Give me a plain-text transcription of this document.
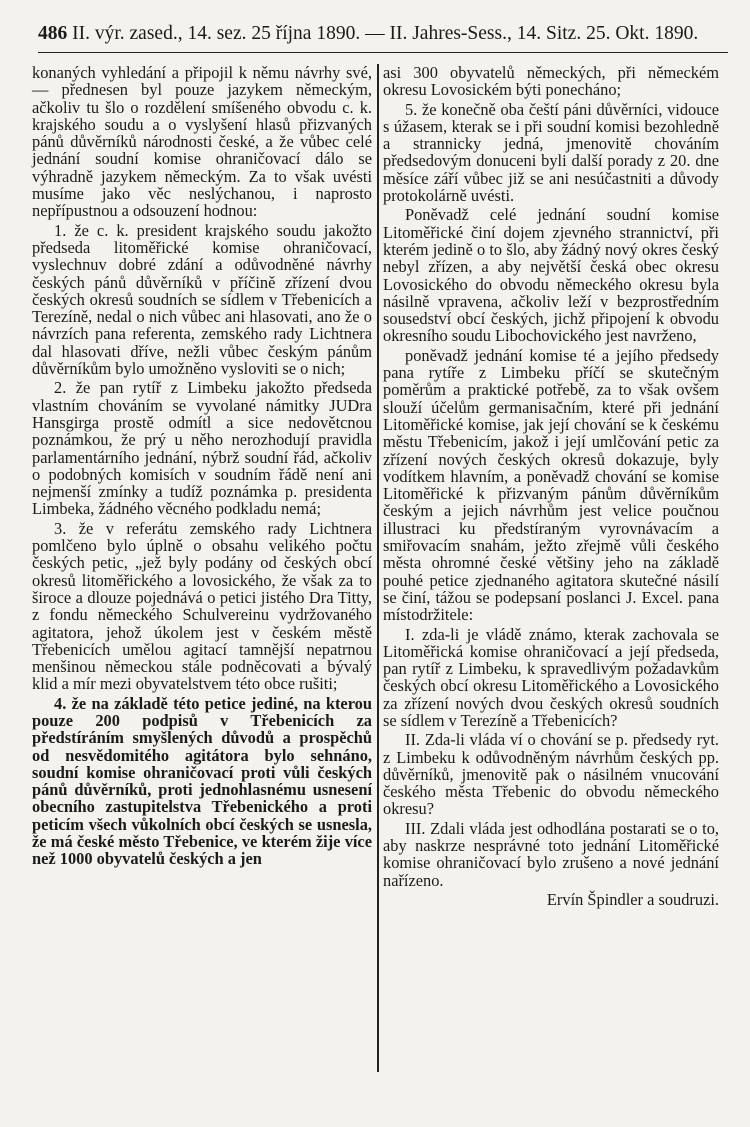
486 II. výr. zased., 14. sez. 25 října 1890. — II. Jahres-Sess., 14. Sitz. 25. Okt. 1890.

konaných vyhledání a připojil k němu návrhy své, — přednesen byl pouze jazykem německým, ačkoliv tu šlo o rozdělení smíšeného obvodu c. k. krajského soudu a o vyslyšení hlasů přizvaných pánů důvěrníků národnosti české, a že vůbec celé jednání soudní komise ohraničovací dálo se výhradně jazykem německým. Za to však uvésti musíme jako věc neslýchanou, i naprosto nepřípustnou a odsouzení hodnou:

1. že c. k. president krajského soudu jakožto předseda litoměřické komise ohraničovací, vyslechnuv dobré zdání a odůvodněné návrhy českých pánů důvěrníků v příčině zřízení dvou českých okresů soudních se sídlem v Třebenicích a Terezíně, nedal o nich vůbec ani hlasovati, ano že o návrzích pana referenta, zemského rady Lichtnera dal hlasovati dříve, nežli vůbec českým pánům důvěrníkům bylo umožněno vysloviti se o nich;

2. že pan rytíř z Limbeku jakožto předseda vlastním chováním se vyvolané námitky JUDra Hansgirga prostě odmítl a sice nedovětcnou poznámkou, že prý u něho nerozhodují pravidla parlamentárního jednání, nýbrž soudní řád, ačkoliv o podobných komisích v soudním řádě není ani nejmenší zmínky a tudíž poznámka p. presidenta Limbeka, žádného věcného podkladu nemá;

3. že v referátu zemského rady Lichtnera pomlčeno bylo úplně o obsahu velikého počtu českých petic, „jež byly podány od českých obcí okresů litoměřického a lovosického, že však za to široce a dlouze pojednává o petici jistého Dra Titty, z fondu německého Schulvereinu vydržovaného agitatora, jehož úkolem jest v českém městě Třebenicích umělou agitací tamnější nepatrnou menšinou německou stále podněcovati a bývalý klid a mír mezi obyvatelstvem této obce rušiti;

4. že na základě této petice jediné, na kterou pouze 200 podpisů v Třebenicích za předstíráním smyšlených důvodů a prospěchů od nesvědomitého agitátora bylo sehnáno, soudní komise ohraničovací proti vůli českých pánů důvěrníků, proti jednohlasnému usnesení obecního zastupitelstva Třebenického a proti peticím všech vůkolních obcí českých se usnesla, že má české město Třebenice, ve kterém žije více než 1000 obyvatelů českých a jen

asi 300 obyvatelů německých, při německém okresu Lovosickém býti ponecháno;

5. že konečně oba čeští páni důvěrníci, vidouce s úžasem, kterak se i při soudní komisi bezohledně a strannicky jedná, jmenovitě chováním předsedovým donuceni byli další porady z 20. dne měsíce září vůbec již se ani nesúčastniti a důvody protokolárně uvésti.

Poněvadž celé jednání soudní komise Litoměřické činí dojem zjevného strannictví, při kterém jedině o to šlo, aby žádný nový okres český nebyl zřízen, a aby největší česká obec okresu Lovosického do obvodu německého okresu byla násilně vpravena, ačkoliv leží v bezprostředním sousedství obcí českých, jichž připojení k obvodu okresního soudu Libochovického jest navrženo,

poněvadž jednání komise té a jejího předsedy pana rytíře z Limbeku příčí se skutečným poměrům a praktické potřebě, za to však ovšem slouží účelům germanisačním, které při jednání Litoměřické komise, jak její chování se k českému městu Třebenicím, jakož i její umlčování petic za zřízení nových českých okresů dokazuje, byly vodítkem hlavním, a poněvadž chování se komise Litoměřické k přizvaným pánům důvěrníkům českým a jejich návrhům jest velice poučnou illustraci ku předstíraným vyrovnávacím a smiřovacím snahám, ježto zřejmě vůli českého města ohromné české většiny jeho na základě pouhé petice zjednaného agitatora skutečné násilí se činí, tážou se podepsaní poslanci J. Excel. pana místodržitele:

I. zda-li je vládě známo, kterak zachovala se Litoměřická komise ohraničovací a její předseda, pan rytíř z Limbeku, k spravedlivým požadavkům českých obcí okresu Litoměřického a Lovosického za zřízení nových dvou českých okresů soudních se sídlem v Terezíně a Třebenicích?

II. Zda-li vláda ví o chování se p. předsedy ryt. z Limbeku k odůvodněným návrhům českých pp. důvěrníků, jmenovitě pak o násilném vnucování českého města Třebenic do obvodu německého okresu?

III. Zdali vláda jest odhodlána postarati se o to, aby naskrze nesprávné toto jednání Litoměřické komise ohraničovací bylo zrušeno a nové jednání nařízeno.

Ervín Špindler a soudruzi.
